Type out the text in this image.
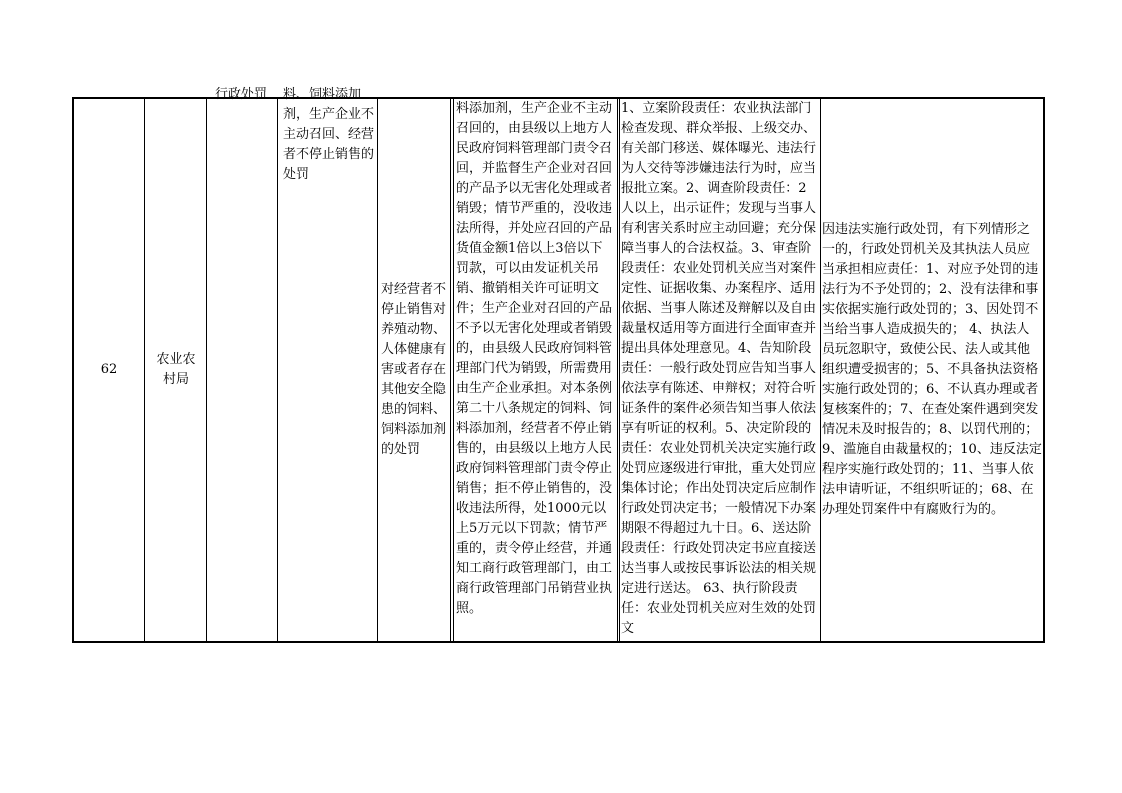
62
农业农村局
行政处罚	料、饲料添加剂，生产企业不主动召回、经营者不停止销售的处罚
对经营者不停止销售对养殖动物、人体健康有害或者存在其他安全隐患的饲料、饲料添加剂的处罚
料添加剂，生产企业不主动召回的，由县级以上地方人民政府饲料管理部门责令召回，并监督生产企业对召回的产品予以无害化处理或者销毁；情节严重的，没收违法所得，并处应召回的产品货值金额1倍以上3倍以下罚款，可以由发证机关吊销、撤销相关许可证明文件；生产企业对召回的产品不予以无害化处理或者销毁的，由县级人民政府饲料管理部门代为销毁，所需费用由生产企业承担。对本条例第二十八条规定的饲料、饲料添加剂，经营者不停止销售的，由县级以上地方人民政府饲料管理部门责令停止销售；拒不停止销售的，没收违法所得，处1000元以上5万元以下罚款；情节严重的，责令停止经营，并通知工商行政管理部门，由工商行政管理部门吊销营业执照。
1、立案阶段责任：农业执法部门检查发现、群众举报、上级交办、有关部门移送、媒体曝光、违法行为人交待等涉嫌违法行为时，应当报批立案。2、调查阶段责任：2人以上，出示证件；发现与当事人有利害关系时应主动回避；充分保障当事人的合法权益。3、审查阶段责任：农业处罚机关应当对案件定性、证据收集、办案程序、适用依据、当事人陈述及辩解以及自由裁量权适用等方面进行全面审查并提出具体处理意见。4、告知阶段责任：一般行政处罚应告知当事人依法享有陈述、申辩权；对符合听证条件的案件必须告知当事人依法享有听证的权利。5、决定阶段的责任：农业处罚机关决定实施行政处罚应逐级进行审批，重大处罚应集体讨论；作出处罚决定后应制作行政处罚决定书；一般情况下办案期限不得超过九十日。6、送达阶段责任：行政处罚决定书应直接送达当事人或按民事诉讼法的相关规定进行送达。 63、执行阶段责任：农业处罚机关应对生效的处罚文
因违法实施行政处罚，有下列情形之一的，行政处罚机关及其执法人员应当承担相应责任：1、对应予处罚的违法行为不予处罚的；2、没有法律和事实依据实施行政处罚的；3、因处罚不当给当事人造成损失的； 4、执法人员玩忽职守，致使公民、法人或其他组织遭受损害的；5、不具备执法资格实施行政处罚的；6、不认真办理或者复核案件的；7、在查处案件遇到突发情况未及时报告的；8、以罚代刑的；9、滥施自由裁量权的；10、违反法定程序实施行政处罚的；11、当事人依法申请听证，不组织听证的；68、在办理处罚案件中有腐败行为的。
